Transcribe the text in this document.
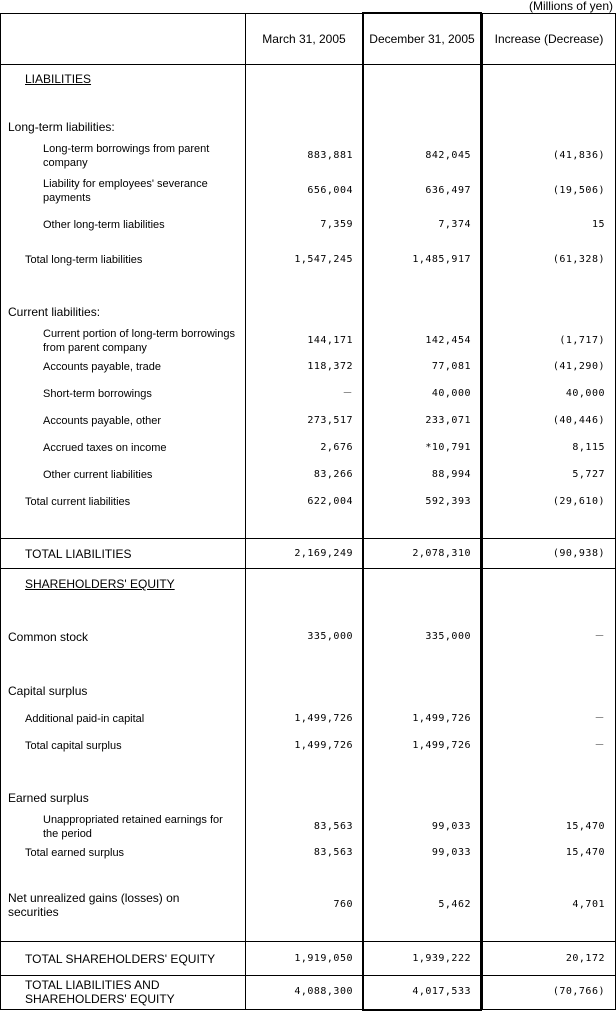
(Millions of yen)
March 31, 2005	December 31, 2005	Increase (Decrease)
LIABILITIES
Long-term liabilities:
Long-term borrowings from parent company
883,881	842,045	(41,836)
Liability for employees' severance payments
656,004	636,497	(19,506)
Other long-term liabilities	7,359	7,374	15
Total long-term liabilities	1,547,245	1,485,917	(61,328)
Current liabilities:
Current portion of long-term borrowings from parent company
144,171	142,454	(1,717)
Accounts payable, trade	118,372	77,081	(41,290)
Short-term borrowings	－	40,000	40,000
Accounts payable, other	273,517	233,071	(40,446)
Accrued taxes on income	2,676	*10,791	8,115
Other current liabilities	83,266	88,994	5,727
Total current liabilities	622,004	592,393	(29,610)
TOTAL LIABILITIES	2,169,249	2,078,310	(90,938)
SHAREHOLDERS' EQUITY
Common stock	335,000	335,000	－
Capital surplus
Additional paid-in capital	1,499,726	1,499,726	－
Total capital surplus	1,499,726	1,499,726	－
Earned surplus
Unappropriated retained earnings for the period
83,563	99,033	15,470
Total earned surplus	83,563	99,033	15,470
Net unrealized gains (losses) on securities
760	5,462	4,701
TOTAL SHAREHOLDERS' EQUITY	1,919,050	1,939,222	20,172
TOTAL LIABILITIES AND SHAREHOLDERS' EQUITY
4,088,300	4,017,533	(70,766)
